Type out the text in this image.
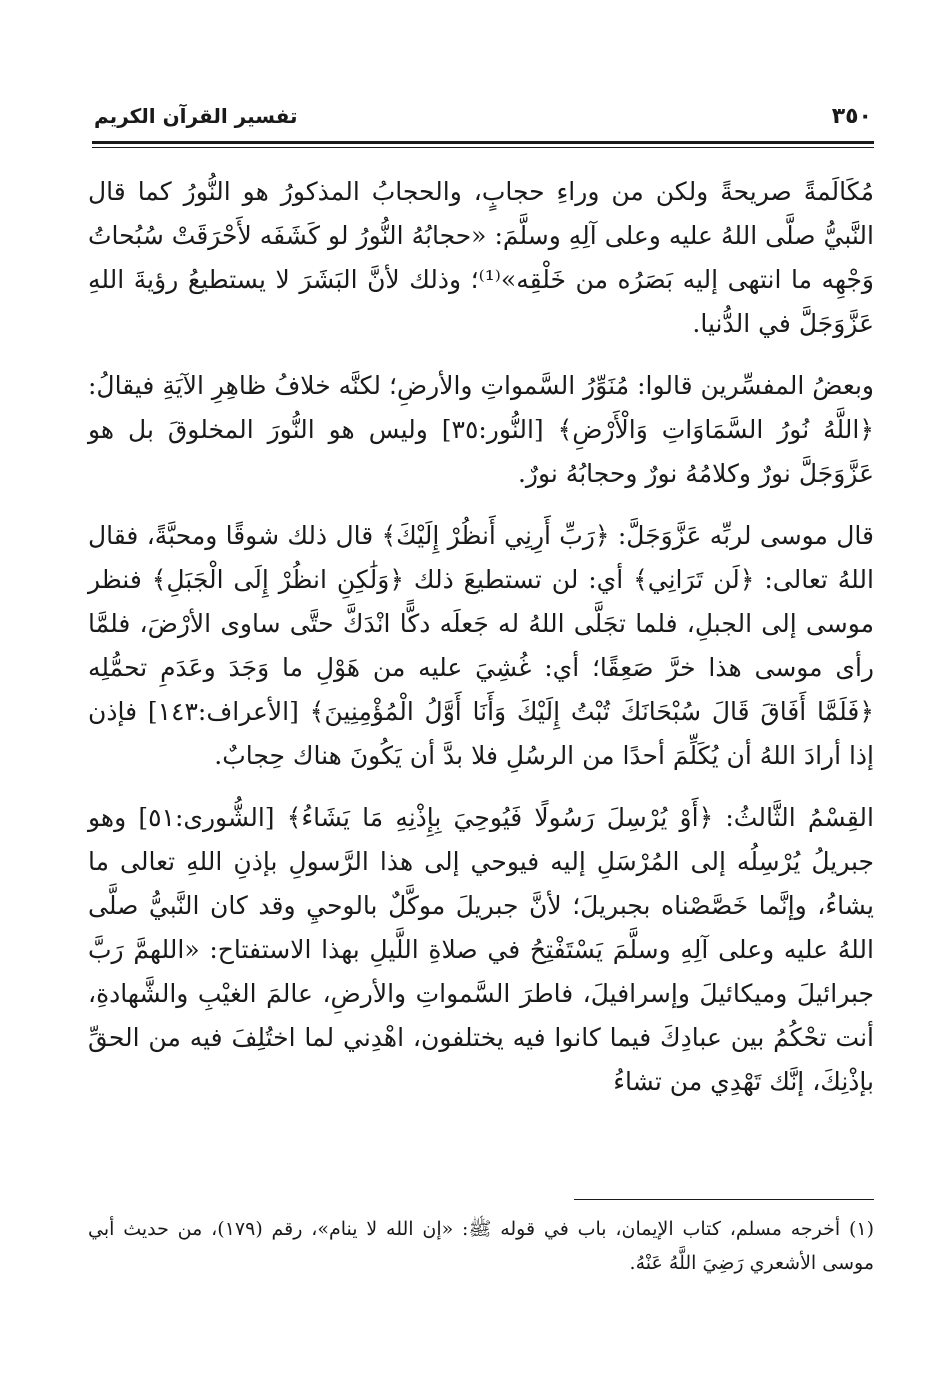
٣٥٠
تفسير القرآن الكريم

مُكَالَمةً صريحةً ولكن من وراءِ حجابٍ، والحجابُ المذكورُ هو النُّورُ كما قال النَّبيُّ صلَّى اللهُ عليه وعلى آلِهِ وسلَّمَ: «حجابُهُ النُّورُ لو كَشَفَه لأَحْرَقَتْ سُبُحاتُ وَجْهِه ما انتهى إليه بَصَرُه من خَلْقِه»⁽¹⁾؛ وذلك لأنَّ البَشَرَ لا يستطيعُ رؤيةَ اللهِ عَزَّوَجَلَّ في الدُّنيا.

وبعضُ المفسِّرين قالوا: مُنَوِّرُ السَّمواتِ والأرضِ؛ لكنَّه خلافُ ظاهِرِ الآيَةِ فيقالُ: ﴿اللَّهُ نُورُ السَّمَاوَاتِ وَالْأَرْضِ﴾ [النُّور:٣٥] وليس هو النُّورَ المخلوقَ بل هو عَزَّوَجَلَّ نورٌ وكلامُهُ نورٌ وحجابُهُ نورٌ.

قال موسى لربِّه عَزَّوَجَلَّ: ﴿رَبِّ أَرِنِي أَنظُرْ إِلَيْكَ﴾ قال ذلك شوقًا ومحبَّةً، فقال اللهُ تعالى: ﴿لَن تَرَانِي﴾ أي: لن تستطيعَ ذلك ﴿وَلَٰكِنِ انظُرْ إِلَى الْجَبَلِ﴾ فنظر موسى إلى الجبلِ، فلما تجَلَّى اللهُ له جَعلَه دكًّا انْدَكَّ حتَّى ساوى الأرْضَ، فلمَّا رأى موسى هذا خرَّ صَعِقًا؛ أي: غُشِيَ عليه من هَوْلِ ما وَجَدَ وعَدَمِ تحمُّلِه ﴿فَلَمَّا أَفَاقَ قَالَ سُبْحَانَكَ تُبْتُ إِلَيْكَ وَأَنَا أَوَّلُ الْمُؤْمِنِينَ﴾ [الأعراف:١٤٣] فإذن إذا أرادَ اللهُ أن يُكَلِّمَ أحدًا من الرسُلِ فلا بدَّ أن يَكُونَ هناك حِجابٌ.

القِسْمُ الثَّالثُ: ﴿أَوْ يُرْسِلَ رَسُولًا فَيُوحِيَ بِإِذْنِهِ مَا يَشَاءُ﴾ [الشُّورى:٥١] وهو جبريلُ يُرْسِلُه إلى المُرْسَلِ إليه فيوحي إلى هذا الرَّسولِ بإذنِ اللهِ تعالى ما يشاءُ، وإنَّما خَصَّصْناه بجبريلَ؛ لأنَّ جبريلَ موكَّلٌ بالوحيِ وقد كان النَّبيُّ صلَّى اللهُ عليه وعلى آلِهِ وسلَّمَ يَسْتَفْتِحُ في صلاةِ اللَّيلِ بهذا الاستفتاح: «اللهمَّ رَبَّ جبرائيلَ وميكائيلَ وإسرافيلَ، فاطرَ السَّمواتِ والأرضِ، عالمَ الغيْبِ والشَّهادةِ، أنت تحْكُمُ بين عبادِكَ فيما كانوا فيه يختلفون، اهْدِني لما اختُلِفَ فيه من الحقِّ بإذْنِكَ، إنَّك تَهْدِي من تشاءُ

(١) أخرجه مسلم، كتاب الإيمان، باب في قوله ﷺ: «إن الله لا ينام»، رقم (١٧٩)، من حديث أبي موسى الأشعري رَضِيَ اللَّهُ عَنْهُ.
